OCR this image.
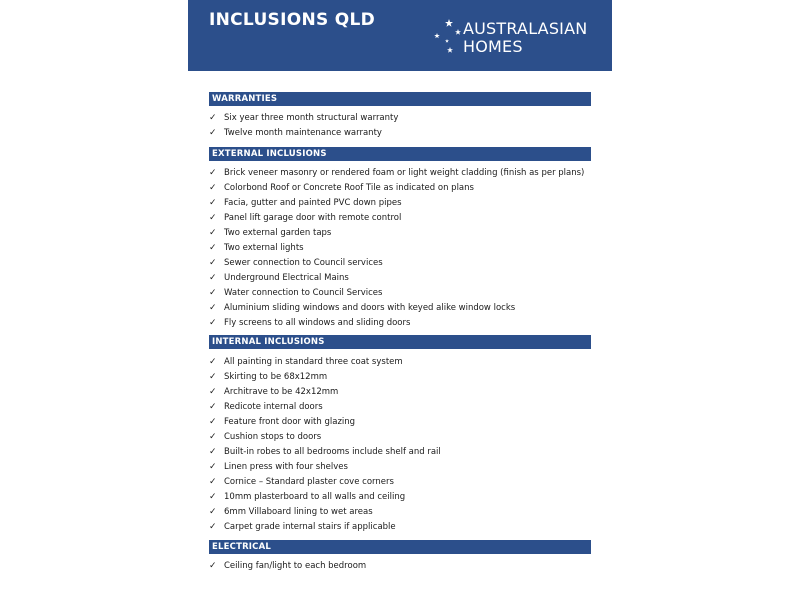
INCLUSIONS QLD	AUSTRALASIAN
HOMES
WARRANTIES
✓ Six year three month structural warranty
✓ Twelve month maintenance warranty
EXTERNAL INCLUSIONS
✓ Brick veneer masonry or rendered foam or light weight cladding (finish as per plans)
✓ Colorbond Roof or Concrete Roof Tile as indicated on plans
✓ Facia, gutter and painted PVC down pipes
✓ Panel lift garage door with remote control
✓ Two external garden taps
✓ Two external lights
✓ Sewer connection to Council services
✓ Underground Electrical Mains
✓ Water connection to Council Services
✓ Aluminium sliding windows and doors with keyed alike window locks
✓ Fly screens to all windows and sliding doors
INTERNAL INCLUSIONS
✓ All painting in standard three coat system
✓ Skirting to be 68x12mm
✓ Architrave to be 42x12mm
✓ Redicote internal doors
✓ Feature front door with glazing
✓ Cushion stops to doors
✓ Built-in robes to all bedrooms include shelf and rail
✓ Linen press with four shelves
✓ Cornice – Standard plaster cove corners
✓ 10mm plasterboard to all walls and ceiling
✓ 6mm Villaboard lining to wet areas
✓ Carpet grade internal stairs if applicable
ELECTRICAL
✓ Ceiling fan/light to each bedroom
